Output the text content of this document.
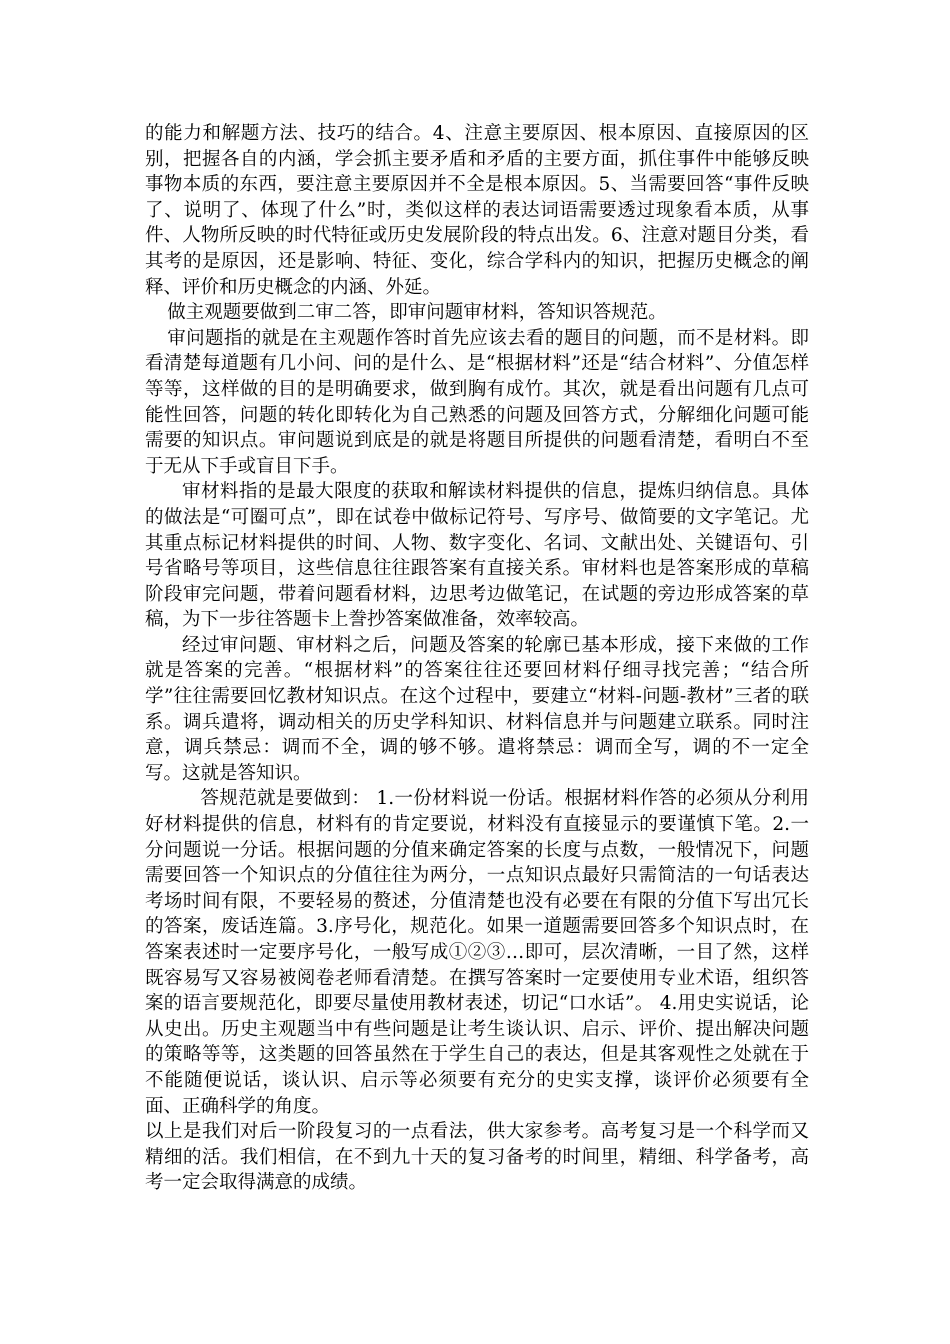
的能力和解题方法、技巧的结合。4、注意主要原因、根本原因、直接原因的区别，把握各自的内涵，学会抓主要矛盾和矛盾的主要方面，抓住事件中能够反映事物本质的东西，要注意主要原因并不全是根本原因。5、当需要回答“事件反映了、说明了、体现了什么”时，类似这样的表达词语需要透过现象看本质，从事件、人物所反映的时代特征或历史发展阶段的特点出发。6、注意对题目分类，看其考的是原因，还是影响、特征、变化，综合学科内的知识，把握历史概念的阐释、评价和历史概念的内涵、外延。

做主观题要做到二审二答，即审问题审材料，答知识答规范。

审问题指的就是在主观题作答时首先应该去看的题目的问题，而不是材料。即看清楚每道题有几小问、问的是什么、是“根据材料”还是“结合材料”、分值怎样等等，这样做的目的是明确要求，做到胸有成竹。其次，就是看出问题有几点可能性回答，问题的转化即转化为自己熟悉的问题及回答方式，分解细化问题可能需要的知识点。审问题说到底是的就是将题目所提供的问题看清楚，看明白不至于无从下手或盲目下手。

审材料指的是最大限度的获取和解读材料提供的信息，提炼归纳信息。具体的做法是“可圈可点”，即在试卷中做标记符号、写序号、做简要的文字笔记。尤其重点标记材料提供的时间、人物、数字变化、名词、文献出处、关键语句、引号省略号等项目，这些信息往往跟答案有直接关系。审材料也是答案形成的草稿阶段审完问题，带着问题看材料，边思考边做笔记，在试题的旁边形成答案的草稿，为下一步往答题卡上誊抄答案做准备，效率较高。

经过审问题、审材料之后，问题及答案的轮廓已基本形成，接下来做的工作就是答案的完善。“根据材料”的答案往往还要回材料仔细寻找完善；“结合所学”往往需要回忆教材知识点。在这个过程中，要建立“材料-问题-教材”三者的联系。调兵遣将，调动相关的历史学科知识、材料信息并与问题建立联系。同时注意，调兵禁忌：调而不全，调的够不够。遣将禁忌：调而全写，调的不一定全写。这就是答知识。

答规范就是要做到： 1.一份材料说一份话。根据材料作答的必须从分利用好材料提供的信息，材料有的肯定要说，材料没有直接显示的要谨慎下笔。2.一分问题说一分话。根据问题的分值来确定答案的长度与点数，一般情况下，问题需要回答一个知识点的分值往往为两分，一点知识点最好只需简洁的一句话表达考场时间有限，不要轻易的赘述，分值清楚也没有必要在有限的分值下写出冗长的答案，废话连篇。3.序号化，规范化。如果一道题需要回答多个知识点时，在答案表述时一定要序号化，一般写成①②③…即可，层次清晰，一目了然，这样既容易写又容易被阅卷老师看清楚。在撰写答案时一定要使用专业术语，组织答案的语言要规范化，即要尽量使用教材表述，切记“口水话”。 4.用史实说话，论从史出。历史主观题当中有些问题是让考生谈认识、启示、评价、提出解决问题的策略等等，这类题的回答虽然在于学生自己的表达，但是其客观性之处就在于不能随便说话，谈认识、启示等必须要有充分的史实支撑，谈评价必须要有全面、正确科学的角度。

以上是我们对后一阶段复习的一点看法，供大家参考。高考复习是一个科学而又精细的活。我们相信，在不到九十天的复习备考的时间里，精细、科学备考，高考一定会取得满意的成绩。
